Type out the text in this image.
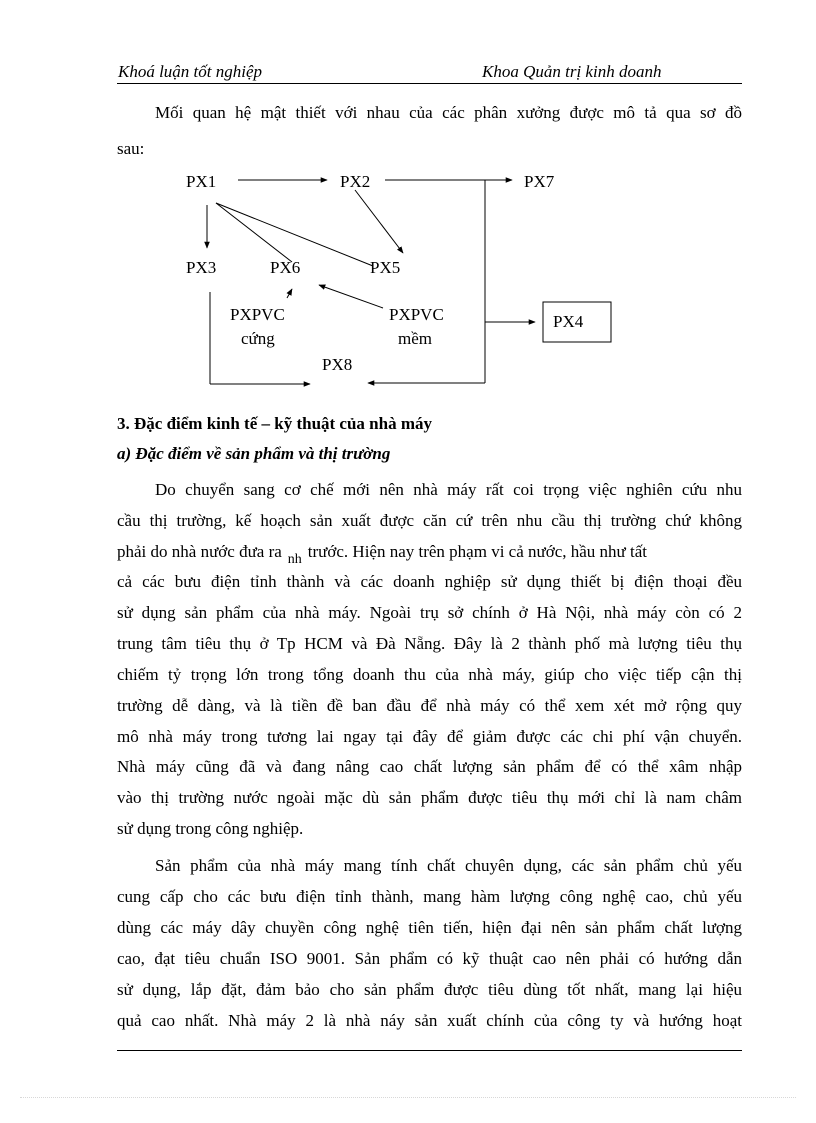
Khoá luận tốt nghiệp	Khoa Quản trị kinh doanh
Mối quan hệ mật thiết với nhau của các phân xưởng được mô tả qua sơ đồ
sau:
PX1	PX2	PX7
PX3	PX6	PX5
PXPVC
cứng
PXPVC
mềm
PX8
PX4
3. Đặc điểm kinh tế – kỹ thuật của nhà máy
a) Đặc điểm về sản phẩm và thị trường
Do chuyển sang cơ chế mới nên nhà máy rất coi trọng việc nghiên cứu nhu
cầu thị trường, kế hoạch sản xuất được căn cứ trên nhu cầu thị trường chứ không
phải do nhà nước đưa ra $_{nh}$ trước. Hiện nay trên phạm vi cả nước, hầu như tất
cả các bưu điện tỉnh thành và các doanh nghiệp sử dụng thiết bị điện thoại đều
sử dụng sản phẩm của nhà máy. Ngoài trụ sở chính ở Hà Nội, nhà máy còn có 2
trung tâm tiêu thụ ở Tp HCM và Đà Nẵng. Đây là 2 thành phố mà lượng tiêu thụ
chiếm tỷ trọng lớn trong tổng doanh thu của nhà máy, giúp cho việc tiếp cận thị
trường dễ dàng, và là tiền đề ban đầu để nhà máy có thể xem xét mở rộng quy
mô nhà máy trong tương lai ngay tại đây để giảm được các chi phí vận chuyển.
Nhà máy cũng đã và đang nâng cao chất lượng sản phẩm để có thể xâm nhập
vào thị trường nước ngoài mặc dù sản phẩm được tiêu thụ mới chỉ là nam châm
sử dụng trong công nghiệp.
Sản phẩm của nhà máy mang tính chất chuyên dụng, các sản phẩm chủ yếu
cung cấp cho các bưu điện tỉnh thành, mang hàm lượng công nghệ cao, chủ yếu
dùng các máy dây chuyền công nghệ tiên tiến, hiện đại nên sản phẩm chất lượng
cao, đạt tiêu chuẩn ISO 9001. Sản phẩm có kỹ thuật cao nên phải có hướng dẫn
sử dụng, lắp đặt, đảm bảo cho sản phẩm được tiêu dùng tốt nhất, mang lại hiệu
quả cao nhất. Nhà máy 2 là nhà náy sản xuất chính của công ty và hướng hoạt
